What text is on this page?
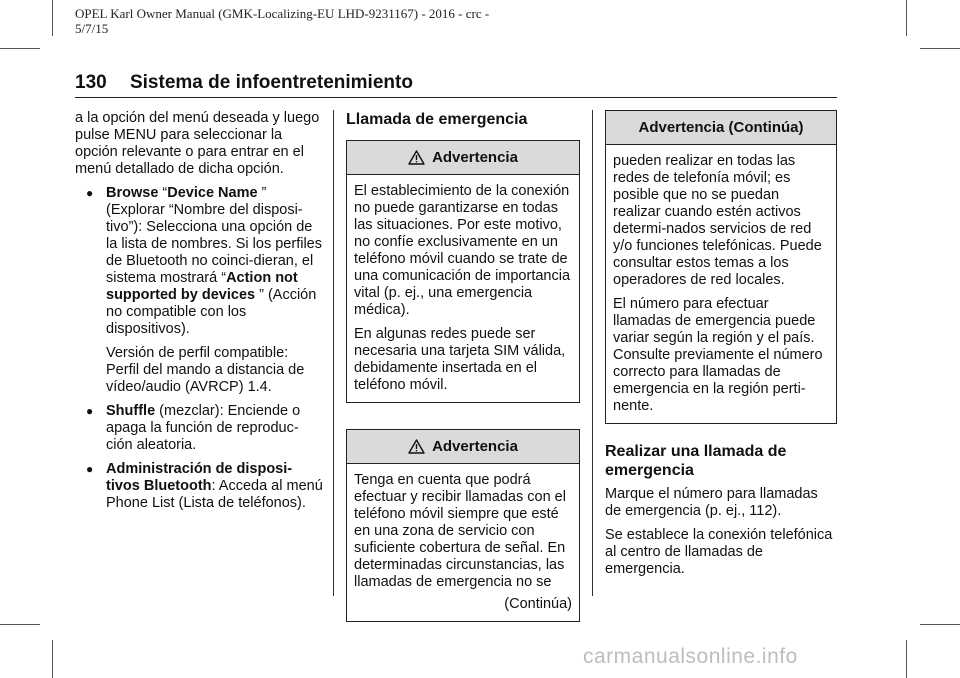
OPEL Karl Owner Manual (GMK-Localizing-EU LHD-9231167) - 2016 - crc -
5/7/15
130 Sistema de infoentretenimiento

a la opción del menú deseada y luego pulse MENU para seleccionar la opción relevante o para entrar en el menú detallado de dicha opción.

● Browse “Device Name ” (Explorar “Nombre del disposi-tivo”): Selecciona una opción de la lista de nombres. Si los perfiles de Bluetooth no coinci-dieran, el sistema mostrará “Action not supported by devices ” (Acción no compatible con los dispositivos).

Versión de perfil compatible: Perfil del mando a distancia de vídeo/audio (AVRCP) 1.4.

● Shuffle (mezclar): Enciende o apaga la función de reproduc-ción aleatoria.
● Administración de disposi-tivos Bluetooth: Acceda al menú Phone List (Lista de teléfonos).
Llamada de emergencia
Advertencia

El establecimiento de la conexión no puede garantizarse en todas las situaciones. Por este motivo, no confíe exclusivamente en un teléfono móvil cuando se trate de una comunicación de importancia vital (p. ej., una emergencia médica).

En algunas redes puede ser necesaria una tarjeta SIM válida, debidamente insertada en el teléfono móvil.

Advertencia

Tenga en cuenta que podrá efectuar y recibir llamadas con el teléfono móvil siempre que esté en una zona de servicio con suficiente cobertura de señal. En determinadas circunstancias, las llamadas de emergencia no se

(Continúa)

Advertencia (Continúa)

pueden realizar en todas las redes de telefonía móvil; es posible que no se puedan realizar cuando estén activos determi-nados servicios de red y/o funciones telefónicas. Puede consultar estos temas a los operadores de red locales.

El número para efectuar llamadas de emergencia puede variar según la región y el país. Consulte previamente el número correcto para llamadas de emergencia en la región perti-nente.

Realizar una llamada de emergencia

Marque el número para llamadas de emergencia (p. ej., 112).

Se establece la conexión telefónica al centro de llamadas de emergencia.

carmanualsonline.info
